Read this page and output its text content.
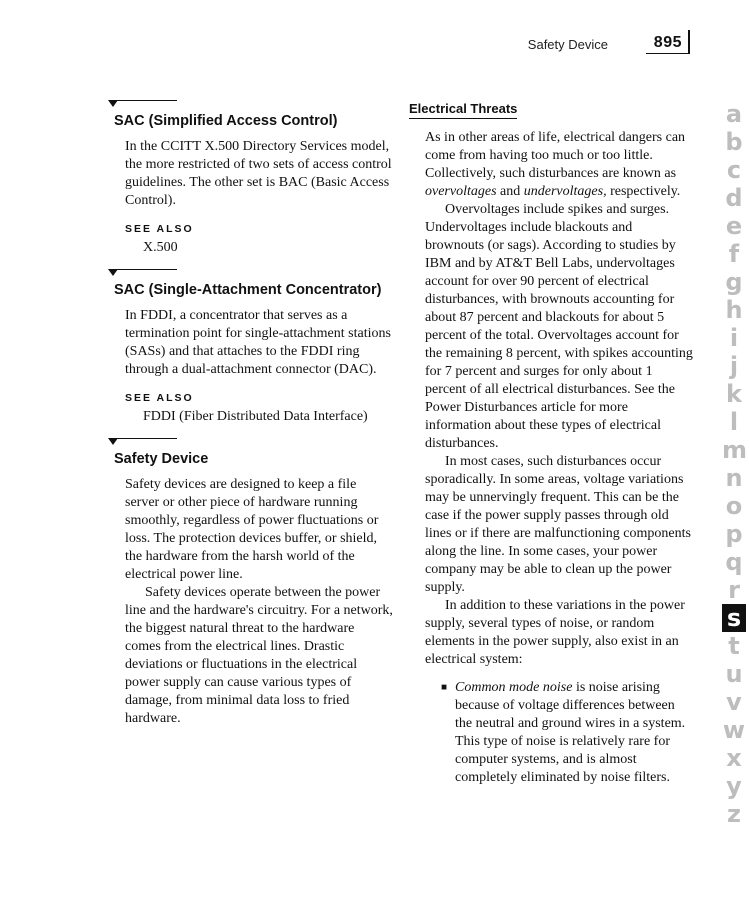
Safety Device	895
SAC (Simplified Access Control)

In the CCITT X.500 Directory Services model, the more restricted of two sets of access control guidelines. The other set is BAC (Basic Access Control).

SEE ALSO
X.500
SAC (Single-Attachment Concentrator)

In FDDI, a concentrator that serves as a termination point for single-attachment stations (SASs) and that attaches to the FDDI ring through a dual-attachment connector (DAC).

SEE ALSO
FDDI (Fiber Distributed Data Interface)
Safety Device

Safety devices are designed to keep a file server or other piece of hardware running smoothly, regardless of power fluctuations or loss. The protection devices buffer, or shield, the hardware from the harsh world of the electrical power line.

Safety devices operate between the power line and the hardware's circuitry. For a network, the biggest natural threat to the hardware comes from the electrical lines. Drastic deviations or fluctuations in the electrical power supply can cause various types of damage, from minimal data loss to fried hardware.

Electrical Threats

As in other areas of life, electrical dangers can come from having too much or too little. Collectively, such disturbances are known as overvoltages and undervoltages, respectively.

Overvoltages include spikes and surges. Undervoltages include blackouts and brownouts (or sags). According to studies by IBM and by AT&T Bell Labs, undervoltages account for over 90 percent of electrical disturbances, with brownouts accounting for about 87 percent and blackouts for about 5 percent of the total. Overvoltages account for the remaining 8 percent, with spikes accounting for 7 percent and surges for only about 1 percent of all electrical disturbances. See the Power Disturbances article for more information about these types of electrical disturbances.

In most cases, such disturbances occur sporadically. In some areas, voltage variations may be unnervingly frequent. This can be the case if the power supply passes through old lines or if there are malfunctioning components along the line. In some cases, your power company may be able to clean up the power supply.

In addition to these variations in the power supply, several types of noise, or random elements in the power supply, also exist in an electrical system:

■ Common mode noise is noise arising because of voltage differences between the neutral and ground wires in a system. This type of noise is relatively rare for computer systems, and is almost completely eliminated by noise filters.
a
b
c
d
e
f
g
h
i
j
k
l
m
n
o
p
q
r
s
t
u
v
w
x
y
z
